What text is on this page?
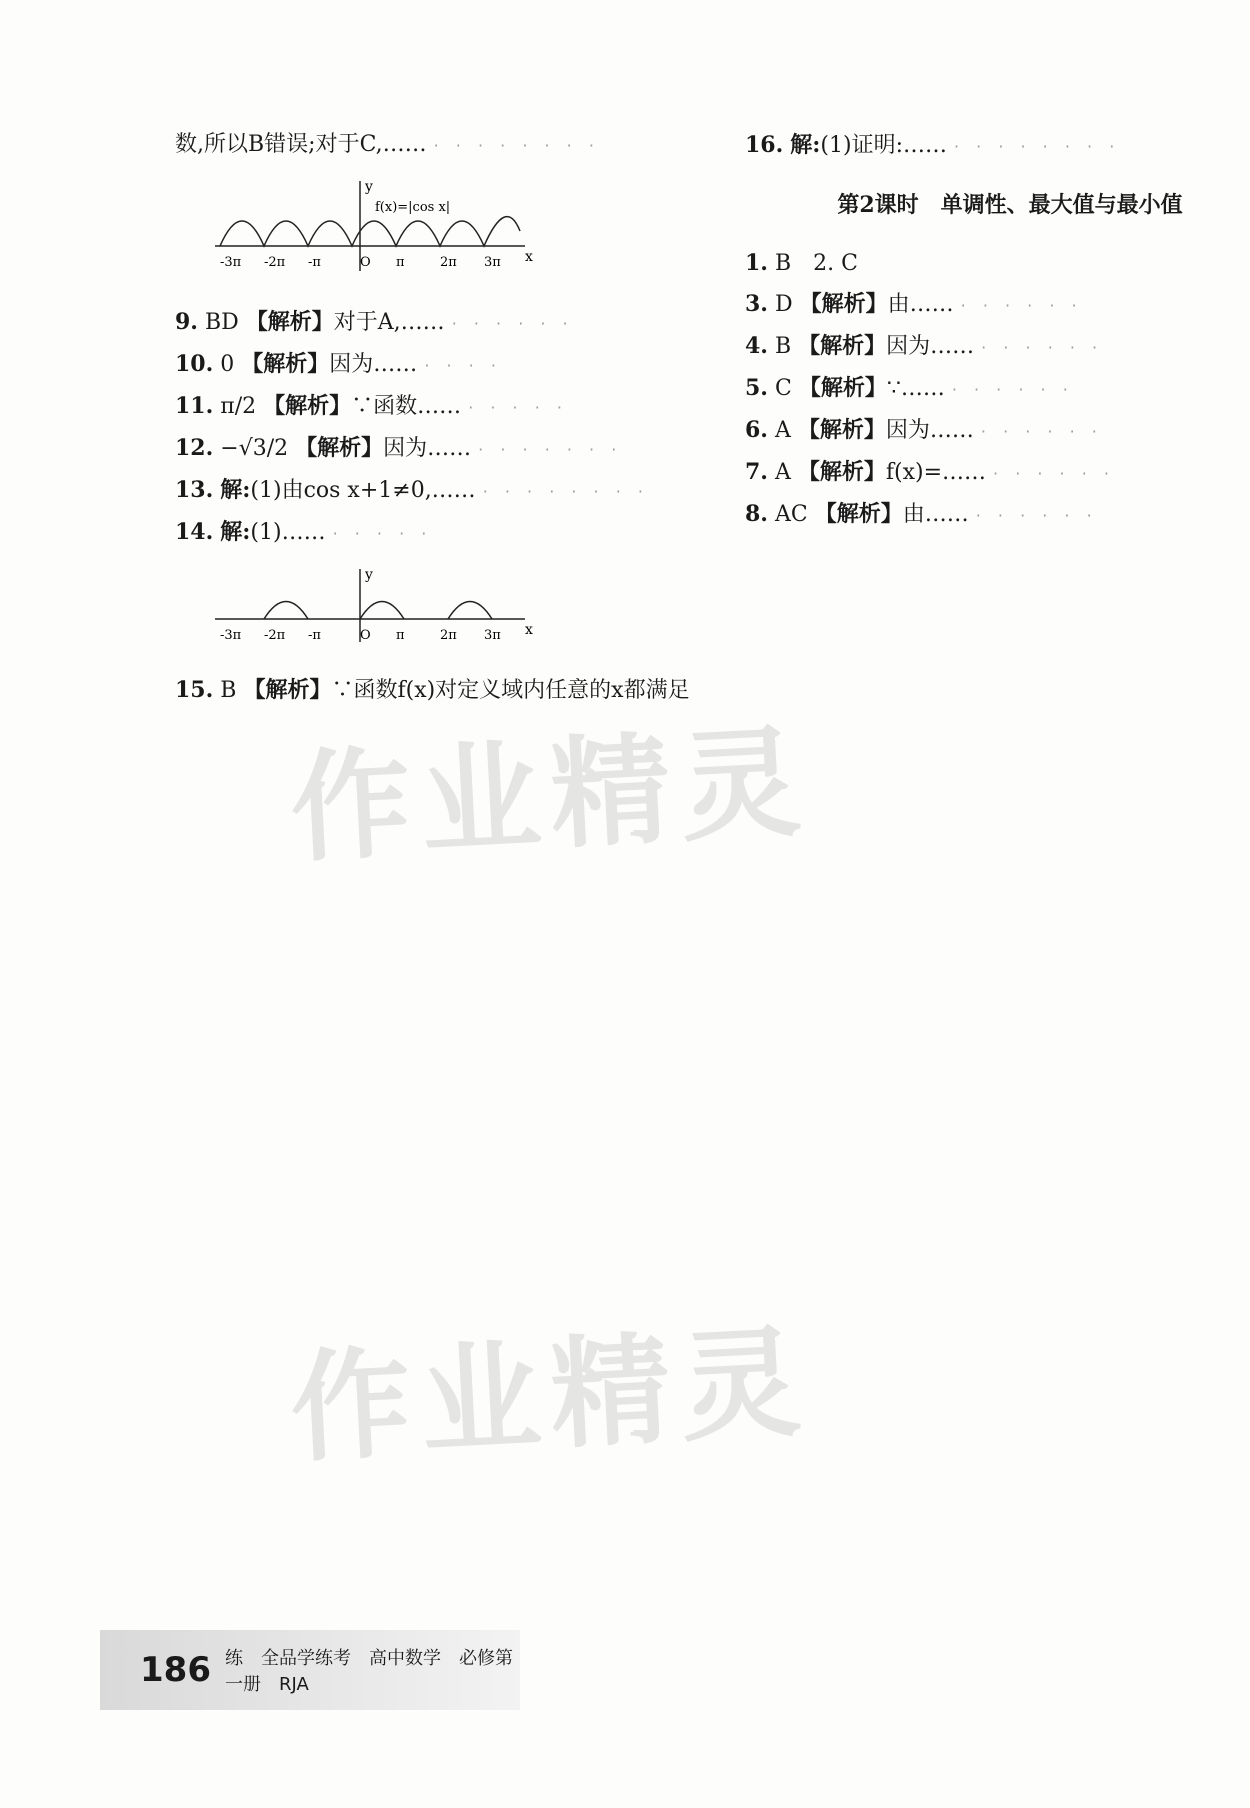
数,所以B错误;对于C,…… · · · · · · · ·
x
y
f(x)=|cos x|
-3π -2π -π	O π	2π 3π
9. BD 【解析】对于A,…… · · · · · ·
10. 0 【解析】因为…… · · · ·
11. π/2 【解析】∵函数…… · · · · ·
12. −√3/2 【解析】因为…… · · · · · · ·
13. 解:(1)由cos x+1≠0,…… · · · · · · · ·
14. 解:(1)…… · · · · ·
x
y
-3π -2π -π	O π	2π 3π
15. B 【解析】∵函数f(x)对定义域内任意的x都满足
16. 解:(1)证明:…… · · · · · · · ·
第2课时　单调性、最大值与最小值
1. B　2. C
3. D 【解析】由…… · · · · · ·
4. B 【解析】因为…… · · · · · ·
5. C 【解析】∵…… · · · · · ·
6. A 【解析】因为…… · · · · · ·
7. A 【解析】f(x)=…… · · · · · ·
8. AC 【解析】由…… · · · · · ·
作业精灵
作业精灵
186 练　全品学练考　高中数学　必修第一册　RJA
